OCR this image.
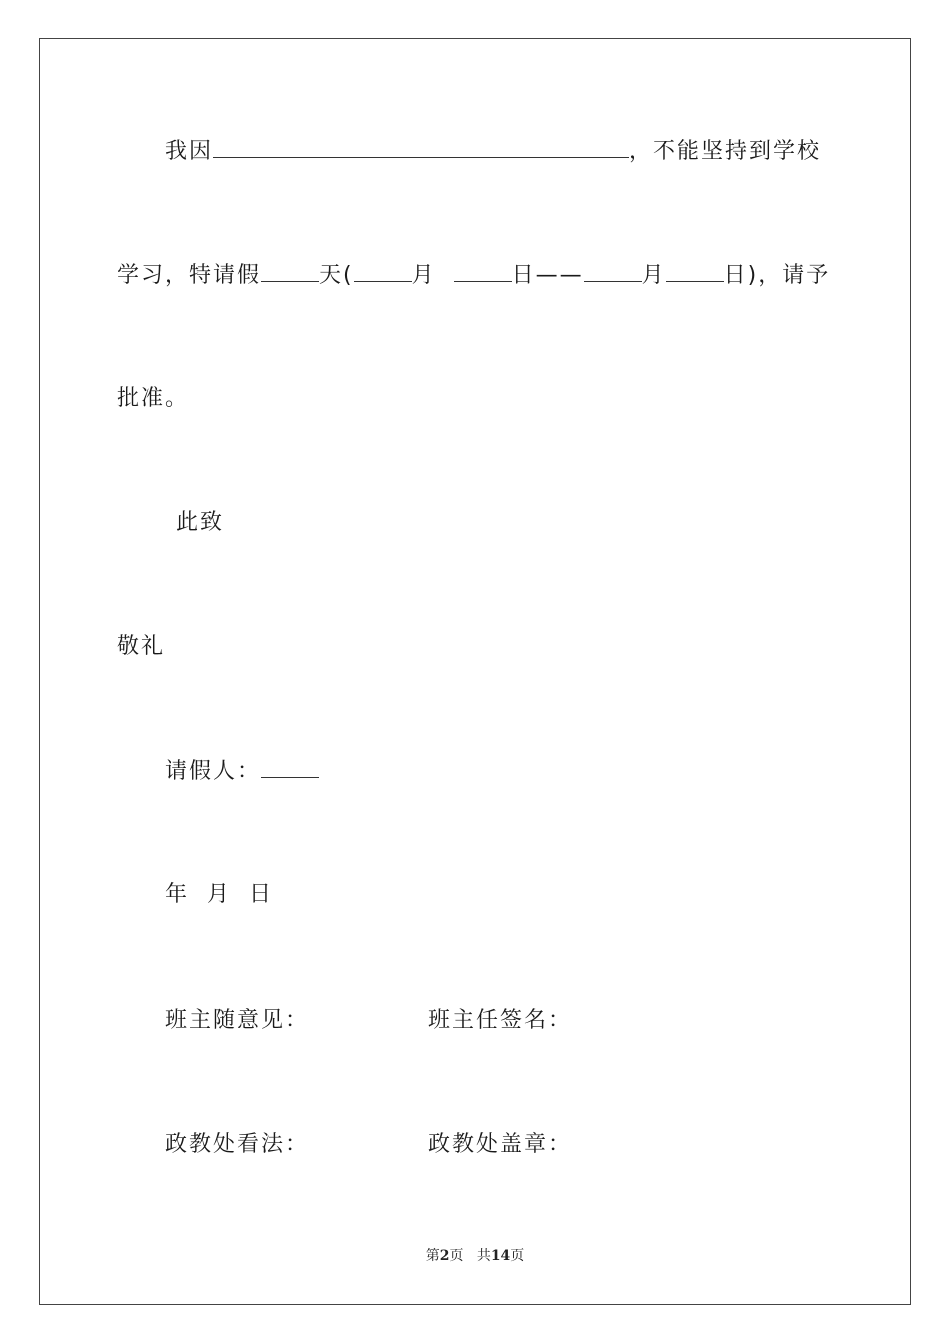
我因	，不能坚持到学校
学习，特请假	天(	月	日——	月	日)，请予
批准。
此致
敬礼
请假人：
年  月  日
班主随意见：	班主任签名：
政教处看法：	政教处盖章：
第2页 共14页
